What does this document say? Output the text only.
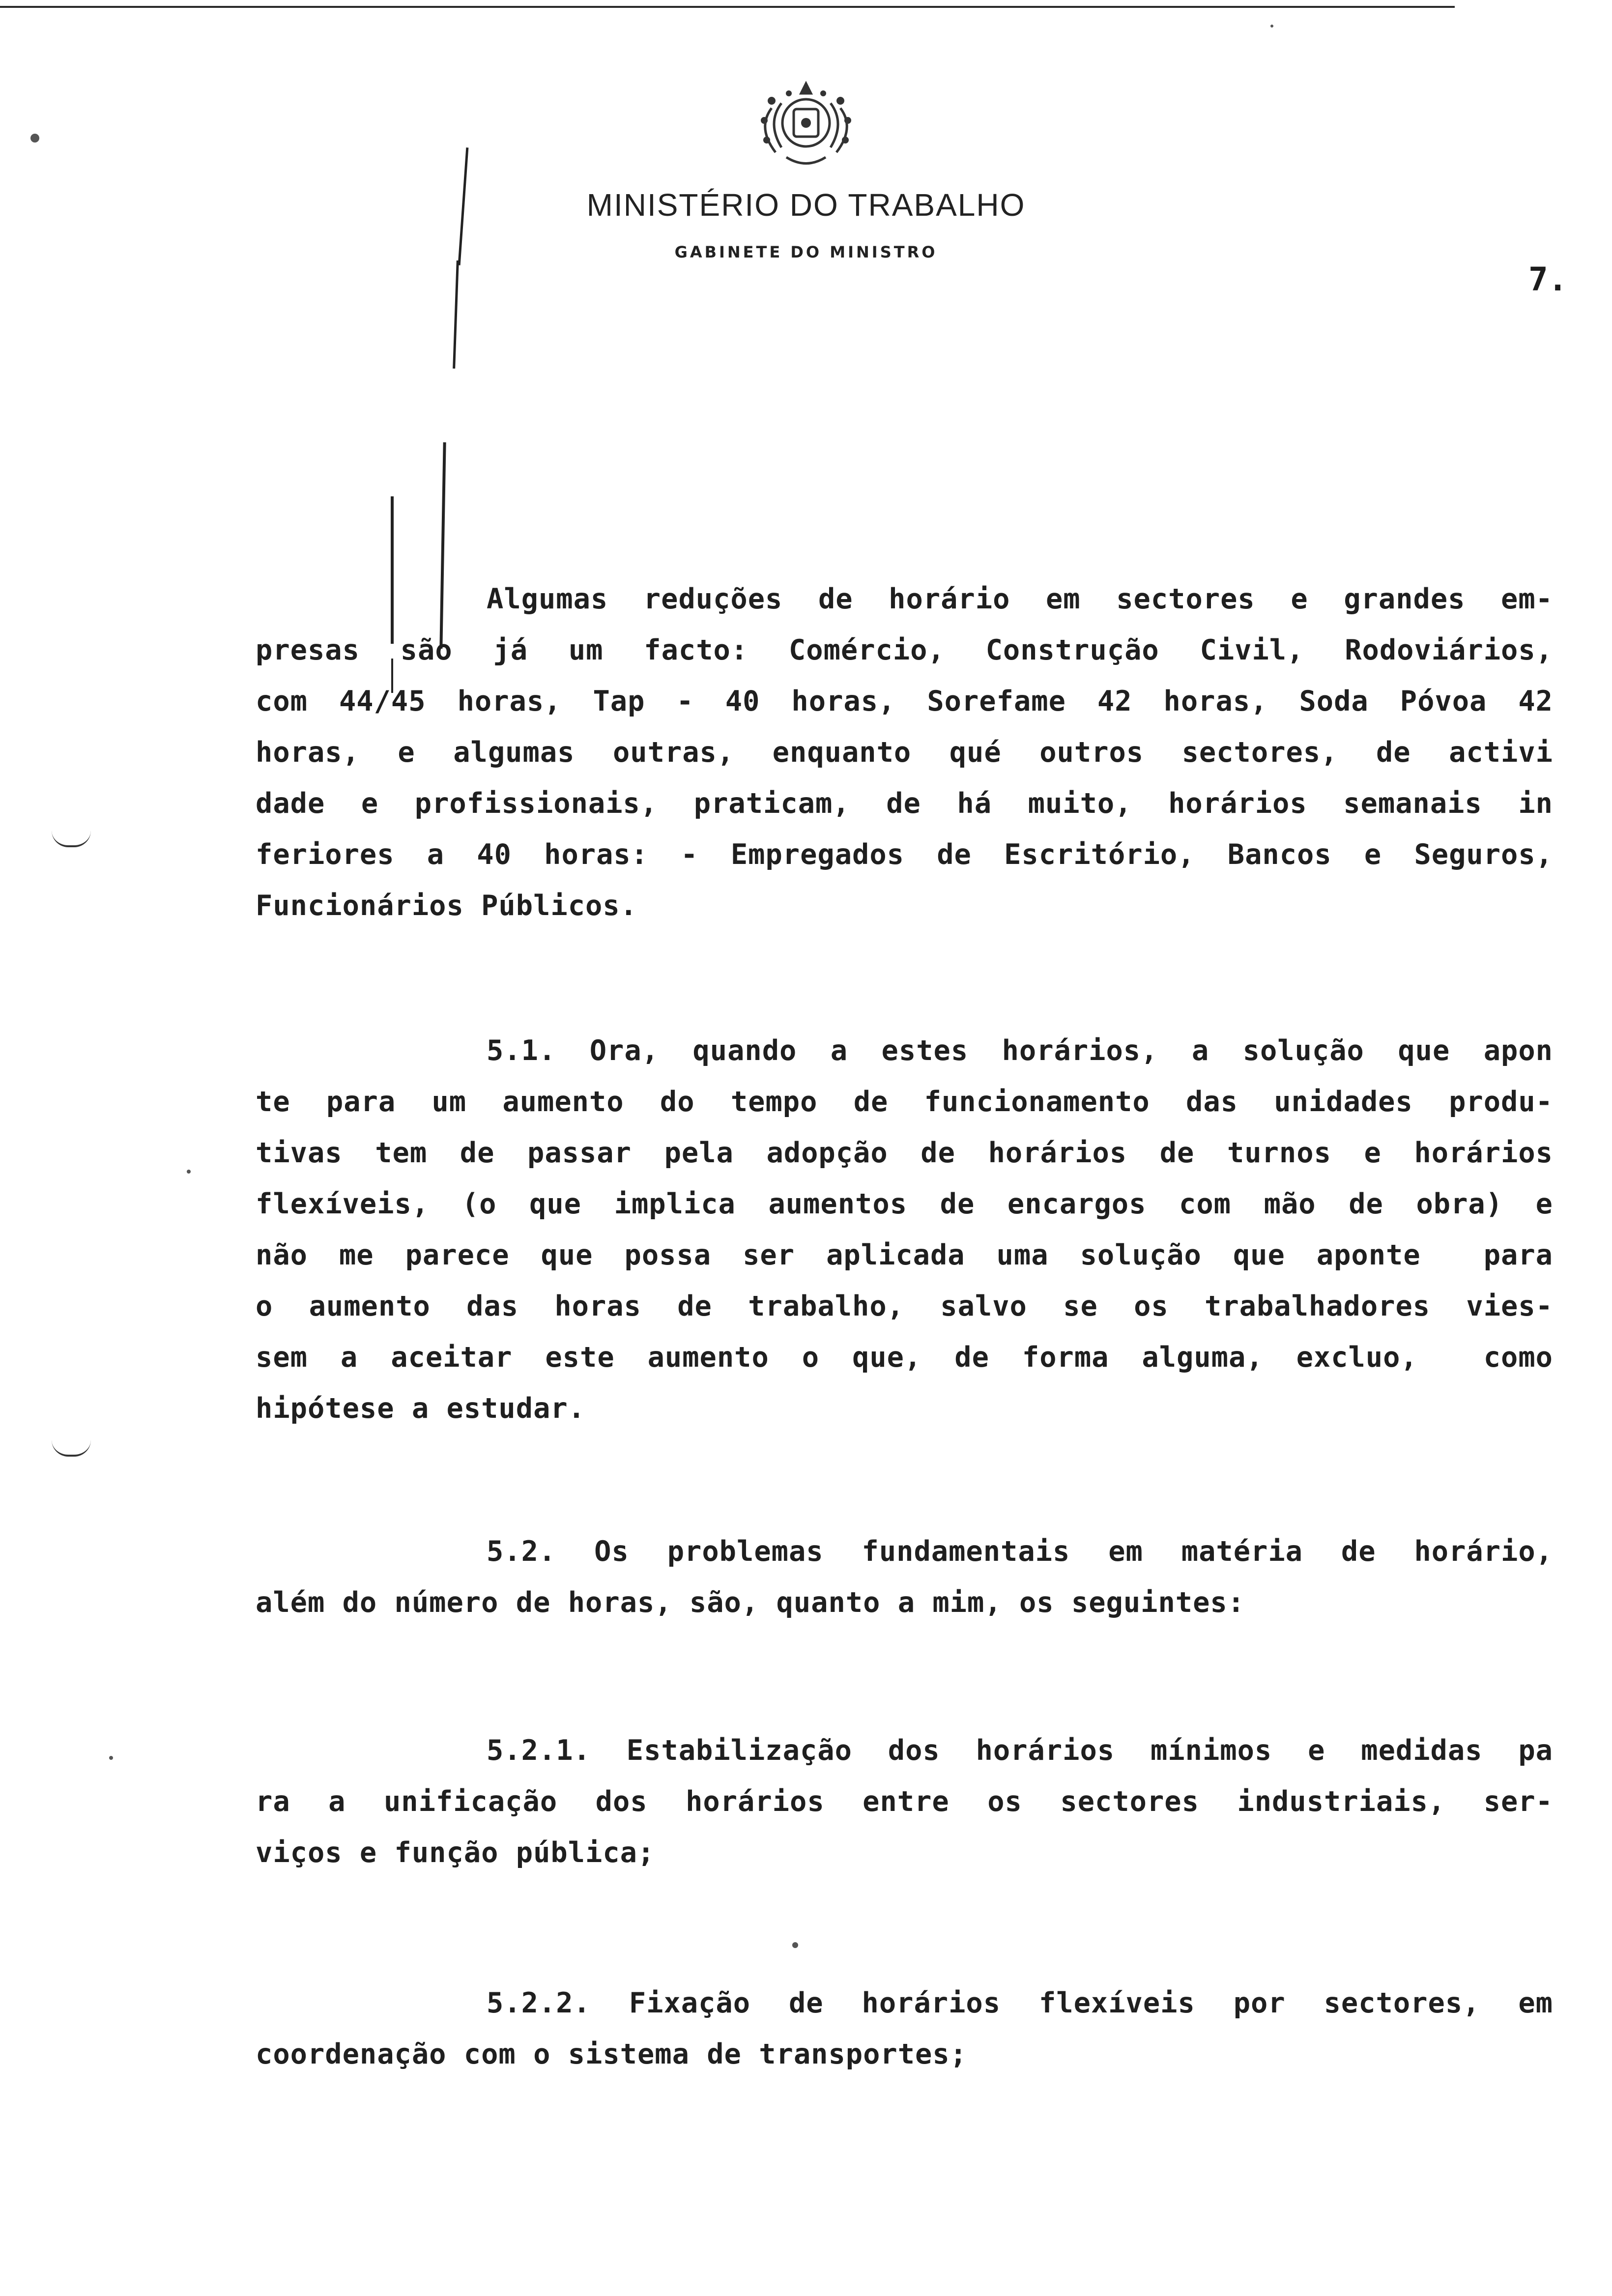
MINISTÉRIO DO TRABALHO
GABINETE DO MINISTRO
7.
Algumas reduções de horário em sectores e grandes em-
presas são já um facto: Comércio, Construção Civil, Rodoviários,
com 44/45 horas, Tap - 40 horas, Sorefame 42 horas, Soda Póvoa 42
horas, e algumas outras, enquanto qué outros sectores, de activi
dade e profissionais, praticam, de há muito, horários semanais in
feriores a 40 horas: - Empregados de Escritório, Bancos e Seguros,
Funcionários Públicos.
5.1. Ora, quando a estes horários, a solução que apon
te para um aumento do tempo de funcionamento das unidades produ-
tivas tem de passar pela adopção de horários de turnos e horários
flexíveis, (o que implica aumentos de encargos com mão de obra) e
não me parece que possa ser aplicada uma solução que aponte  para
o aumento das horas de trabalho, salvo se os trabalhadores vies-
sem a aceitar este aumento o que, de forma alguma, excluo,  como
hipótese a estudar.
5.2. Os problemas fundamentais em matéria de horário,
além do número de horas, são, quanto a mim, os seguintes:
5.2.1. Estabilização dos horários mínimos e medidas pa
ra a unificação dos horários entre os sectores industriais, ser-
viços e função pública;
5.2.2. Fixação de horários flexíveis por sectores, em
coordenação com o sistema de transportes;
